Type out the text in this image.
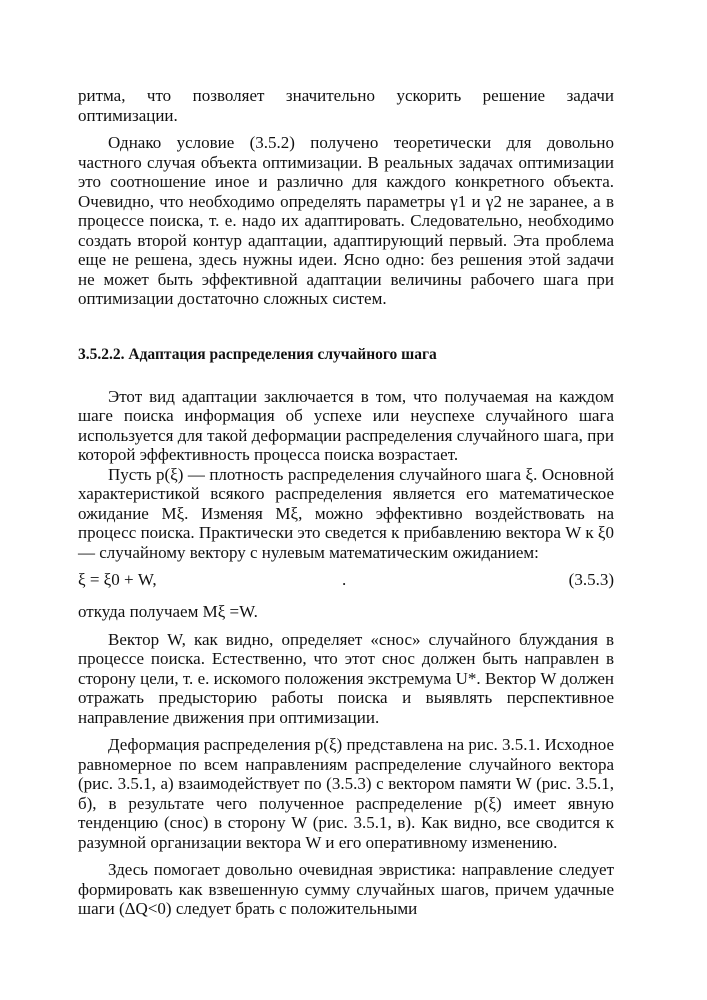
ритма, что позволяет значительно ускорить решение задачи оптимизации.

Однако условие (3.5.2) получено теоретически для довольно частного случая объекта оптимизации. В реальных задачах оптимизации это соотношение иное и различно для каждого конкретного объекта. Очевидно, что необходимо определять параметры γ1 и γ2 не заранее, а в процессе поиска, т. е. надо их адаптировать. Следовательно, необходимо создать второй контур адаптации, адаптирующий первый. Эта проблема еще не решена, здесь нужны идеи. Ясно одно: без решения этой задачи не может быть эффективной адаптации величины рабочего шага при оптимизации достаточно сложных систем.

3.5.2.2. Адаптация распределения случайного шага

Этот вид адаптации заключается в том, что получаемая на каждом шаге поиска информация об успехе или неуспехе случайного шага используется для такой деформации распределения случайного шага, при которой эффективность процесса поиска возрастает.

Пусть p(ξ) — плотность распределения случайного шага ξ. Основной характеристикой всякого распределения является его математическое ожидание Mξ. Изменяя Mξ, можно эффективно воздействовать на процесс поиска. Практически это сведется к прибавлению вектора W к ξ0 — случайному вектору с нулевым математическим ожиданием:

ξ = ξ0 + W,	.	(3.5.3)

откуда получаем Mξ =W.

Вектор W, как видно, определяет «снос» случайного блуждания в процессе поиска. Естественно, что этот снос должен быть направлен в сторону цели, т. е. искомого положения экстремума U*. Вектор W должен отражать предысторию работы поиска и выявлять перспективное направление движения при оптимизации.

Деформация распределения p(ξ) представлена на рис. 3.5.1. Исходное равномерное по всем направлениям распределение случайного вектора (рис. 3.5.1, а) взаимодействует по (3.5.3) с вектором памяти W (рис. 3.5.1, б), в результате чего полученное распределение p(ξ) имеет явную тенденцию (снос) в сторону W (рис. 3.5.1, в). Как видно, все сводится к разумной организации вектора W и его оперативному изменению.

Здесь помогает довольно очевидная эвристика: направление следует формировать как взвешенную сумму случайных шагов, причем удачные шаги (ΔQ<0) следует брать с положительными
